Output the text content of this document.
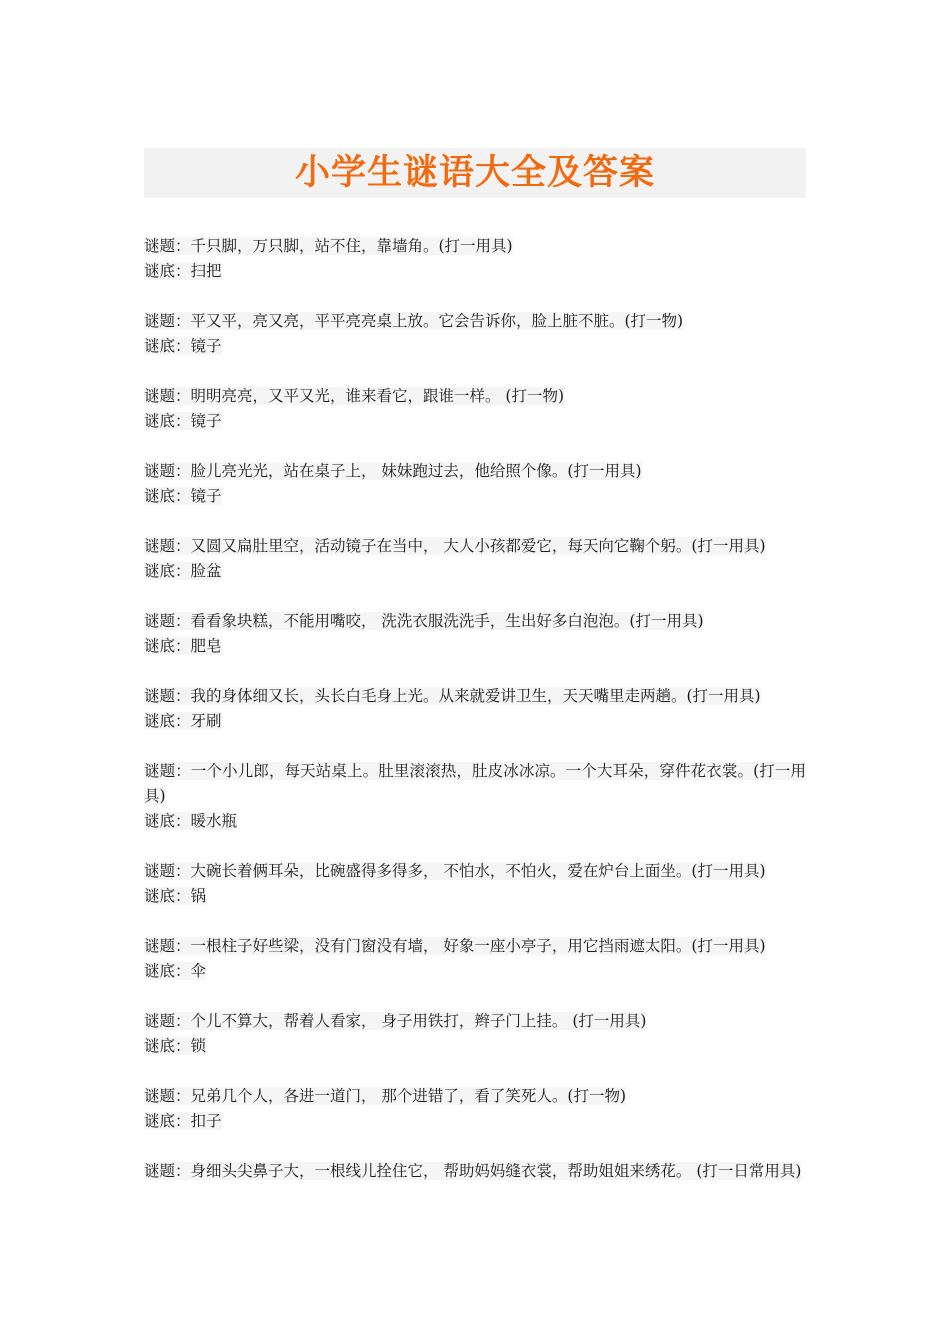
小学生谜语大全及答案
谜题：千只脚，万只脚，站不住，靠墙角。(打一用具)
谜底：扫把
谜题：平又平，亮又亮，平平亮亮桌上放。它会告诉你，脸上脏不脏。(打一物)
谜底：镜子
谜题：明明亮亮，又平又光，谁来看它，跟谁一样。 (打一物)
谜底：镜子
谜题：脸儿亮光光，站在桌子上， 妹妹跑过去，他给照个像。(打一用具)
谜底：镜子
谜题：又圆又扁肚里空，活动镜子在当中， 大人小孩都爱它，每天向它鞠个躬。(打一用具)
谜底：脸盆
谜题：看看象块糕，不能用嘴咬， 洗洗衣服洗洗手，生出好多白泡泡。(打一用具)
谜底：肥皂
谜题：我的身体细又长，头长白毛身上光。从来就爱讲卫生，天天嘴里走两趟。(打一用具)
谜底：牙刷
谜题：一个小儿郎，每天站桌上。肚里滚滚热，肚皮冰冰凉。一个大耳朵，穿件花衣裳。(打一用具)
谜底：暖水瓶
谜题：大碗长着俩耳朵，比碗盛得多得多， 不怕水，不怕火，爱在炉台上面坐。(打一用具)
谜底：锅
谜题：一根柱子好些梁，没有门窗没有墙， 好象一座小亭子，用它挡雨遮太阳。(打一用具)
谜底：伞
谜题：个儿不算大，帮着人看家， 身子用铁打，辫子门上挂。 (打一用具)
谜底：锁
谜题：兄弟几个人，各进一道门， 那个进错了，看了笑死人。(打一物)
谜底：扣子
谜题：身细头尖鼻子大，一根线儿拴住它， 帮助妈妈缝衣裳，帮助姐姐来绣花。 (打一日常用具)
